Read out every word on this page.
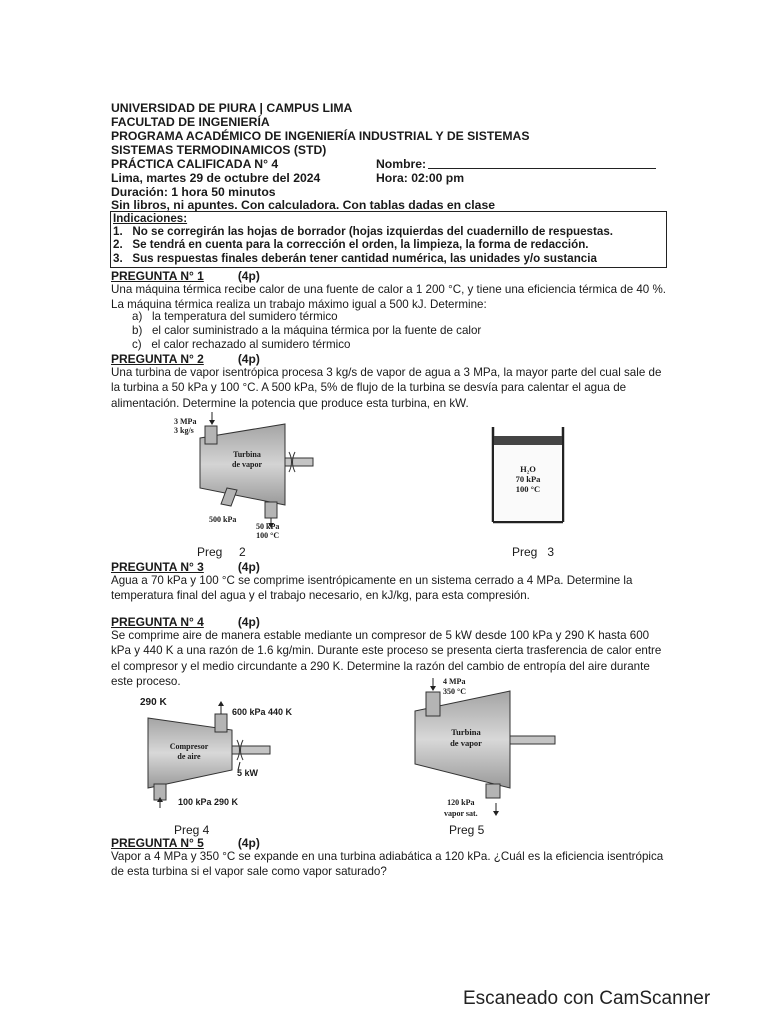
UNIVERSIDAD DE PIURA | CAMPUS LIMA
FACULTAD DE INGENIERÍA
PROGRAMA ACADÉMICO DE INGENIERÍA INDUSTRIAL Y DE SISTEMAS
SISTEMAS TERMODINAMICOS (STD)
PRÁCTICA CALIFICADA N° 4	Nombre:
Lima, martes 29 de octubre del 2024	Hora: 02:00 pm
Duración: 1 hora 50 minutos
Sin libros, ni apuntes. Con calculadora. Con tablas dadas en clase
Indicaciones:
1. No se corregirán las hojas de borrador (hojas izquierdas del cuadernillo de respuestas.
2. Se tendrá en cuenta para la corrección el orden, la limpieza, la forma de redacción.
3. Sus respuestas finales deberán tener cantidad numérica, las unidades y/o sustancia
PREGUNTA N° 1	(4p)
Una máquina térmica recibe calor de una fuente de calor a 1 200 °C, y tiene una eficiencia térmica de 40 %. La máquina térmica realiza un trabajo máximo igual a 500 kJ. Determine:
a) la temperatura del sumidero térmico
b) el calor suministrado a la máquina térmica por la fuente de calor
c) el calor rechazado al sumidero térmico
PREGUNTA N° 2	(4p)
Una turbina de vapor isentrópica procesa 3 kg/s de vapor de agua a 3 MPa, la mayor parte del cual sale de la turbina a 50 kPa y 100 °C. A 500 kPa, 5% de flujo de la turbina se desvía para calentar el agua de alimentación. Determine la potencia que produce esta turbina, en kW.
3 MPa
3 kg/s
Turbina
de vapor
500 kPa
50 kPa
100 °C
Preg 2
H₂O
70 kPa
100 °C
Preg 3
PREGUNTA N° 3	(4p)
Agua a 70 kPa y 100 °C se comprime isentrópicamente en un sistema cerrado a 4 MPa. Determine la temperatura final del agua y el trabajo necesario, en kJ/kg, para esta compresión.
PREGUNTA N° 4	(4p)
Se comprime aire de manera estable mediante un compresor de 5 kW desde 100 kPa y 290 K hasta 600 kPa y 440 K a una razón de 1.6 kg/min. Durante este proceso se presenta cierta trasferencia de calor entre el compresor y el medio circundante a 290 K. Determine la razón del cambio de entropía del aire durante este proceso.
290 K
600 kPa 440 K
Compresor
de aire
5 kW
100 kPa 290 K
Preg 4
4 MPa
350 °C
Turbina
de vapor
120 kPa
vapor sat.
Preg 5
PREGUNTA N° 5	(4p)
Vapor a 4 MPa y 350 °C se expande en una turbina adiabática a 120 kPa. ¿Cuál es la eficiencia isentrópica de esta turbina si el vapor sale como vapor saturado?
Escaneado con CamScanner
